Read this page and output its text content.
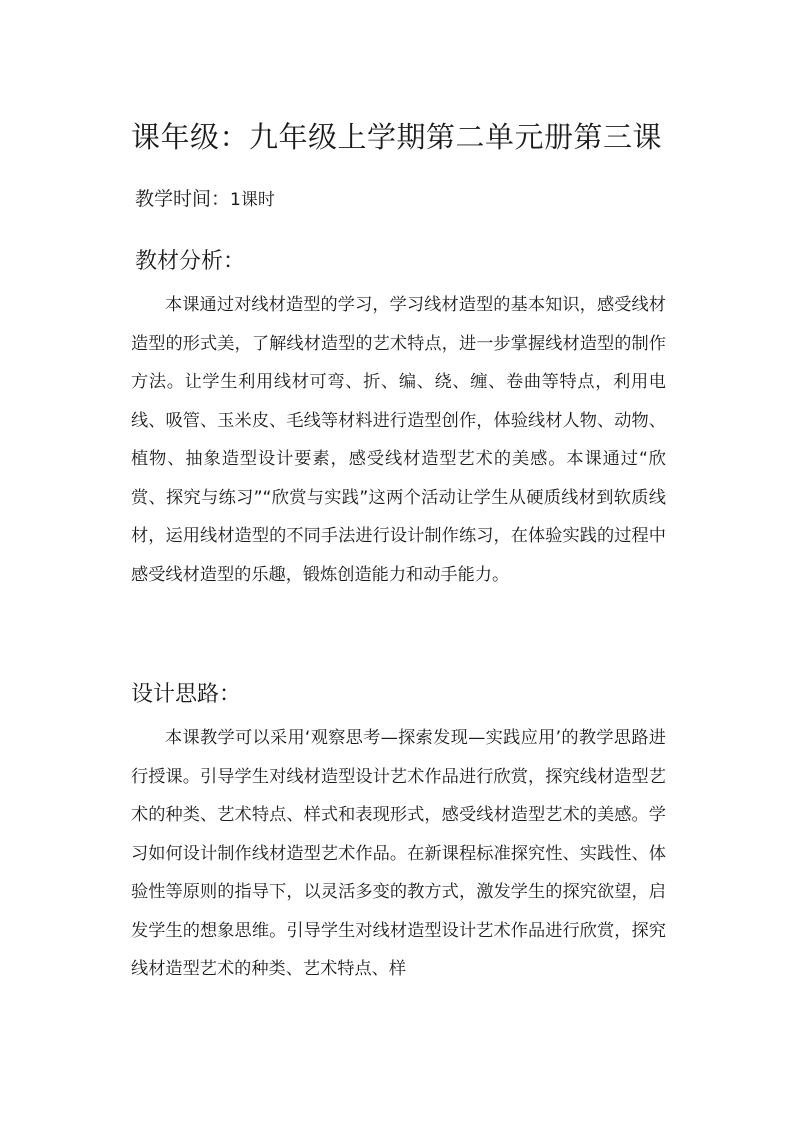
课年级：九年级上学期第二单元册第三课
教学时间：1课时
教材分析：

本课通过对线材造型的学习，学习线材造型的基本知识，感受线材造型的形式美，了解线材造型的艺术特点，进一步掌握线材造型的制作方法。让学生利用线材可弯、折、编、绕、缠、卷曲等特点，利用电线、吸管、玉米皮、毛线等材料进行造型创作，体验线材人物、动物、植物、抽象造型设计要素，感受线材造型艺术的美感。本课通过“欣赏、探究与练习”“欣赏与实践”这两个活动让学生从硬质线材到软质线材，运用线材造型的不同手法进行设计制作练习，在体验实践的过程中感受线材造型的乐趣，锻炼创造能力和动手能力。

设计思路：

本课教学可以采用‘观察思考—探索发现—实践应用’的教学思路进行授课。引导学生对线材造型设计艺术作品进行欣赏，探究线材造型艺术的种类、艺术特点、样式和表现形式，感受线材造型艺术的美感。学习如何设计制作线材造型艺术作品。在新课程标准探究性、实践性、体验性等原则的指导下，以灵活多变的教方式，激发学生的探究欲望，启发学生的想象思维。引导学生对线材造型设计艺术作品进行欣赏，探究线材造型艺术的种类、艺术特点、样
